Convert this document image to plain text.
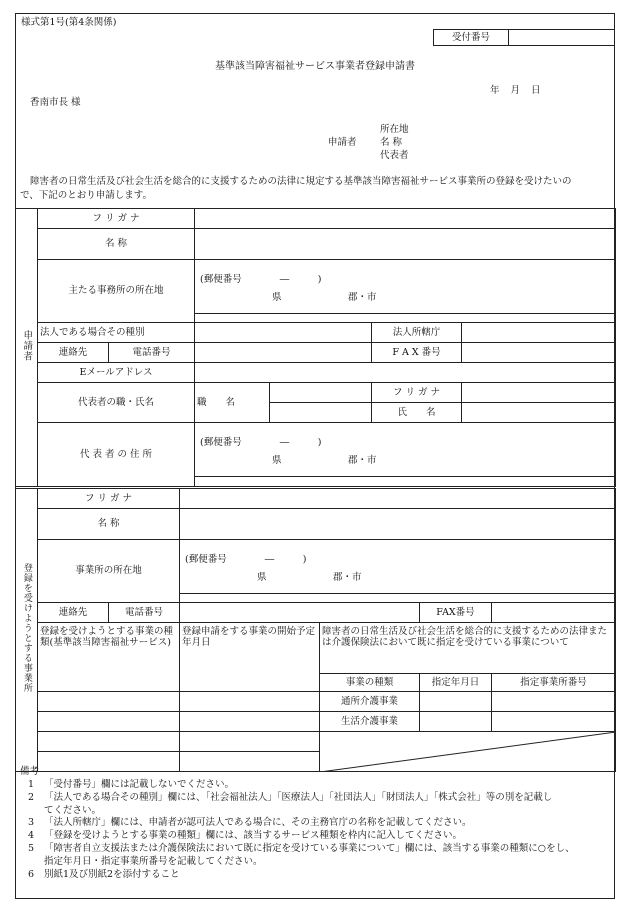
様式第1号(第4条関係)
受付番号	
基準該当障害福祉サービス事業者登録申請書
年 月 日
香南市長 様
所在地
申請者 名 称
代表者
障害者の日常生活及び社会生活を総合的に支援するための法律に規定する基準該当障害福祉サービス事業所の登録を受けたいの
で、下記のとおり申請します。
申請者	フ リ ガ ナ					
	名 称					
	主たる事務所の所在地		(郵便番号　　　　―　　　)
県 郡・市			

	法人である場合その種別				法人所轄庁	
	連絡先	電話番号			F A X 番号	
	Eメールアドレス					
	代表者の職・氏名		職　　名		フ リ ガ ナ	
					氏　　名	
	代 表 者 の 住 所		(郵便番号　　　　―　　　)
県 郡・市			
登録を受けようとする事業所	フ リ ガ ナ					
	名 称					
	事業所の所在地		(郵便番号　　　　―　　　)
県 郡・市			

	連絡先	電話番号			FAX番号	
	登録を受けようとする事業の種類(基準該当障害福祉サービス)		登録申請をする事業の開始予定年月日	障害者の日常生活及び社会生活を総合的に支援するための法律または介護保険法において既に指定を受けている事業について		
				事業の種類	指定年月日	指定事業所番号
				通所介護事業		
				生活介護事業		

備考
1 「受付番号」欄には記載しないでください。
2 「法人である場合その種別」欄には、「社会福祉法人」「医療法人」「社団法人」「財団法人」「株式会社」等の別を記載し
てください。
3 「法人所轄庁」欄には、申請者が認可法人である場合に、その主務官庁の名称を記載してください。
4 「登録を受けようとする事業の種類」欄には、該当するサービス種類を枠内に記入してください。
5 「障害者自立支援法または介護保険法において既に指定を受けている事業について」欄には、該当する事業の種類に○をし、
指定年月日・指定事業所番号を記載してください。
6 別紙1及び別紙2を添付すること
